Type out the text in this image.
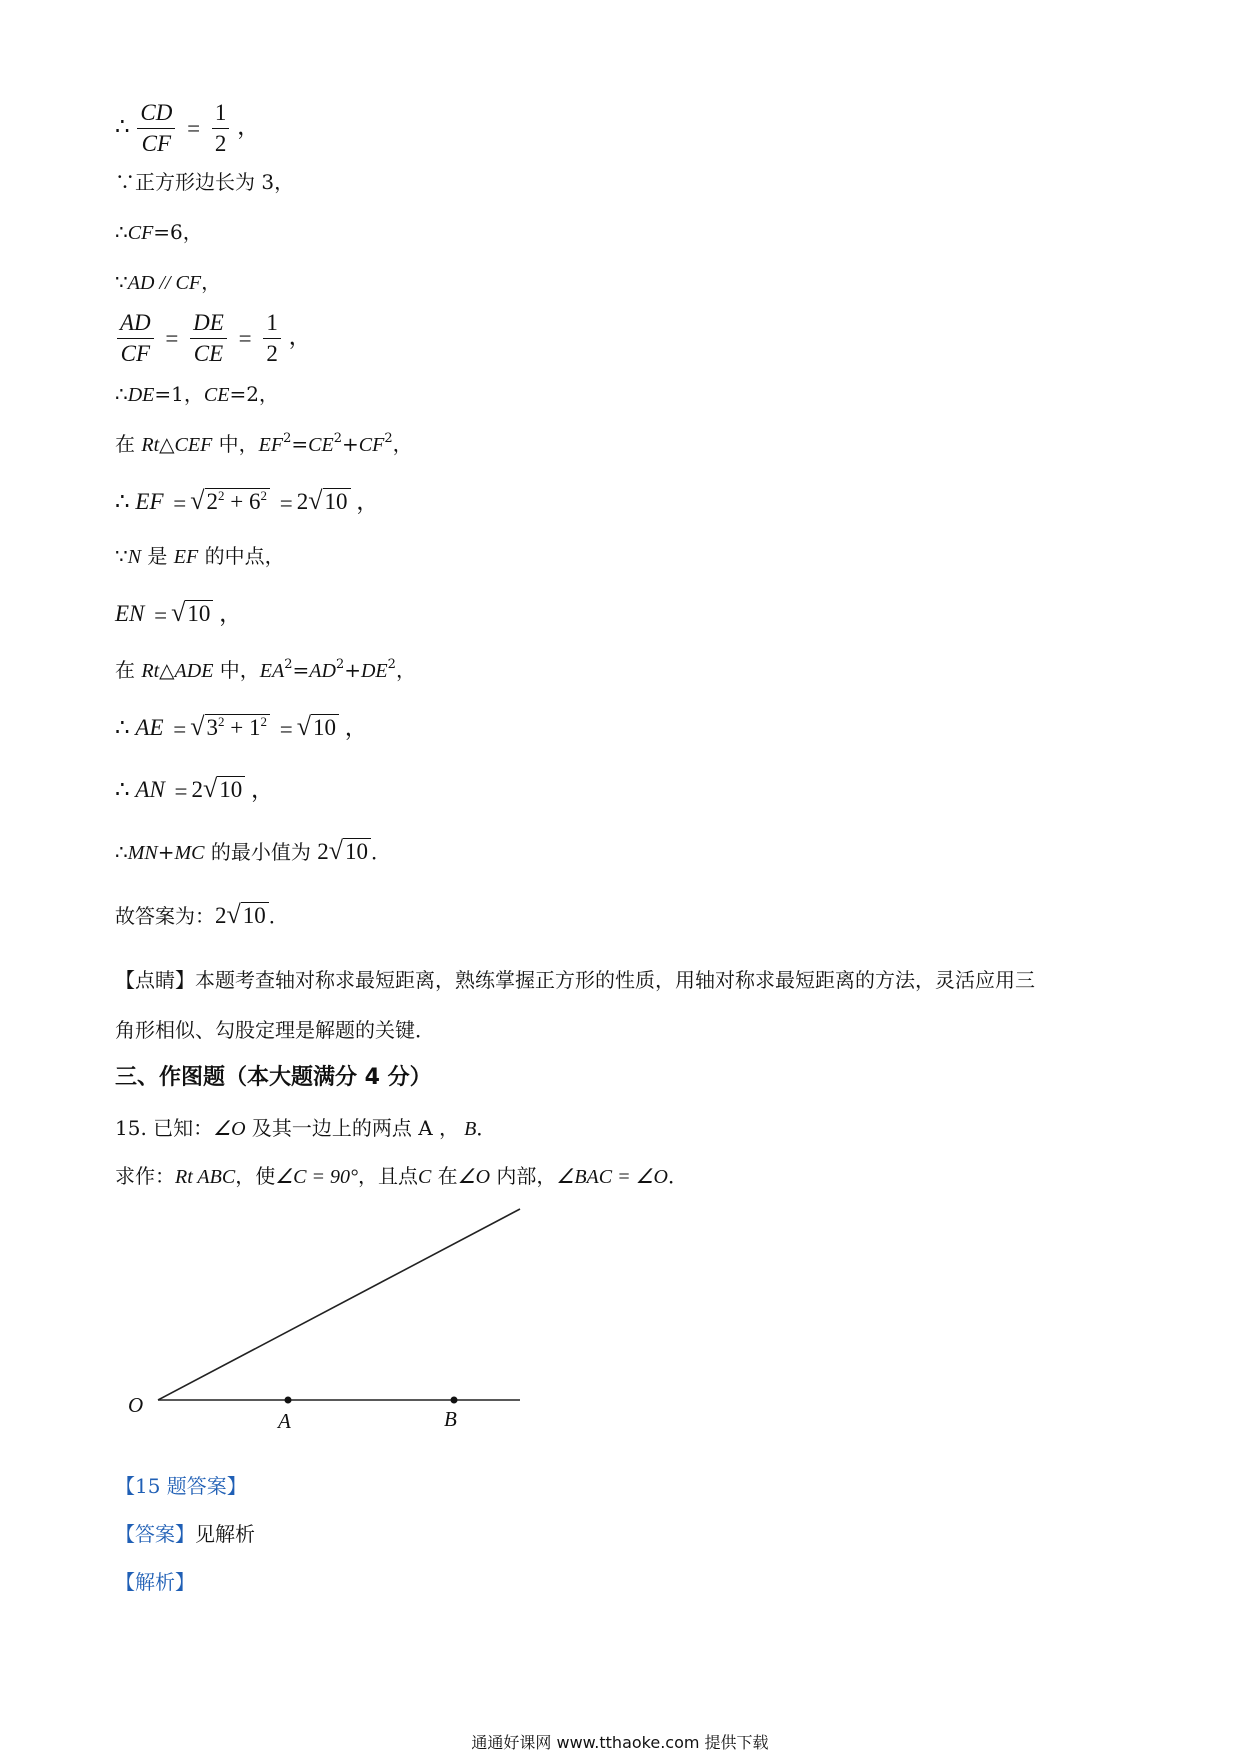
∴ $\frac{CD}{CF} = \frac{1}{2}$ ，
∵正方形边长为 3，
∴CF=6，
∵AD // CF，
$\frac{AD}{CF} = \frac{DE}{CE} = \frac{1}{2}$ ，
∴DE=1，CE=2，
在 Rt△CEF 中，$EF^2=CE^2+CF^2$，
∴ EF = $√2^2 + 6^2 = 2√10$ ，
∵N 是 EF 的中点，
EN = √10 ，
在 Rt△ADE 中，$EA^2=AD^2+DE^2$，
∴ AE = $√3^2 + 1^2 = √10$ ，
∴ AN = 2√10 ，
∴MN+MC 的最小值为 2√10 ．
故答案为：2√10 ．
【点睛】本题考查轴对称求最短距离，熟练掌握正方形的性质，用轴对称求最短距离的方法，灵活应用三
角形相似、勾股定理是解题的关键．
三、作图题（本大题满分 4 分）
15. 已知：∠O 及其一边上的两点 A ， B．
求作：Rt ABC，使∠C = 90°，且点C 在∠O 内部，∠BAC = ∠O．
O
A	B
【15 题答案】
【答案】见解析
【解析】
通通好课网 www.tthaoke.com 提供下载
